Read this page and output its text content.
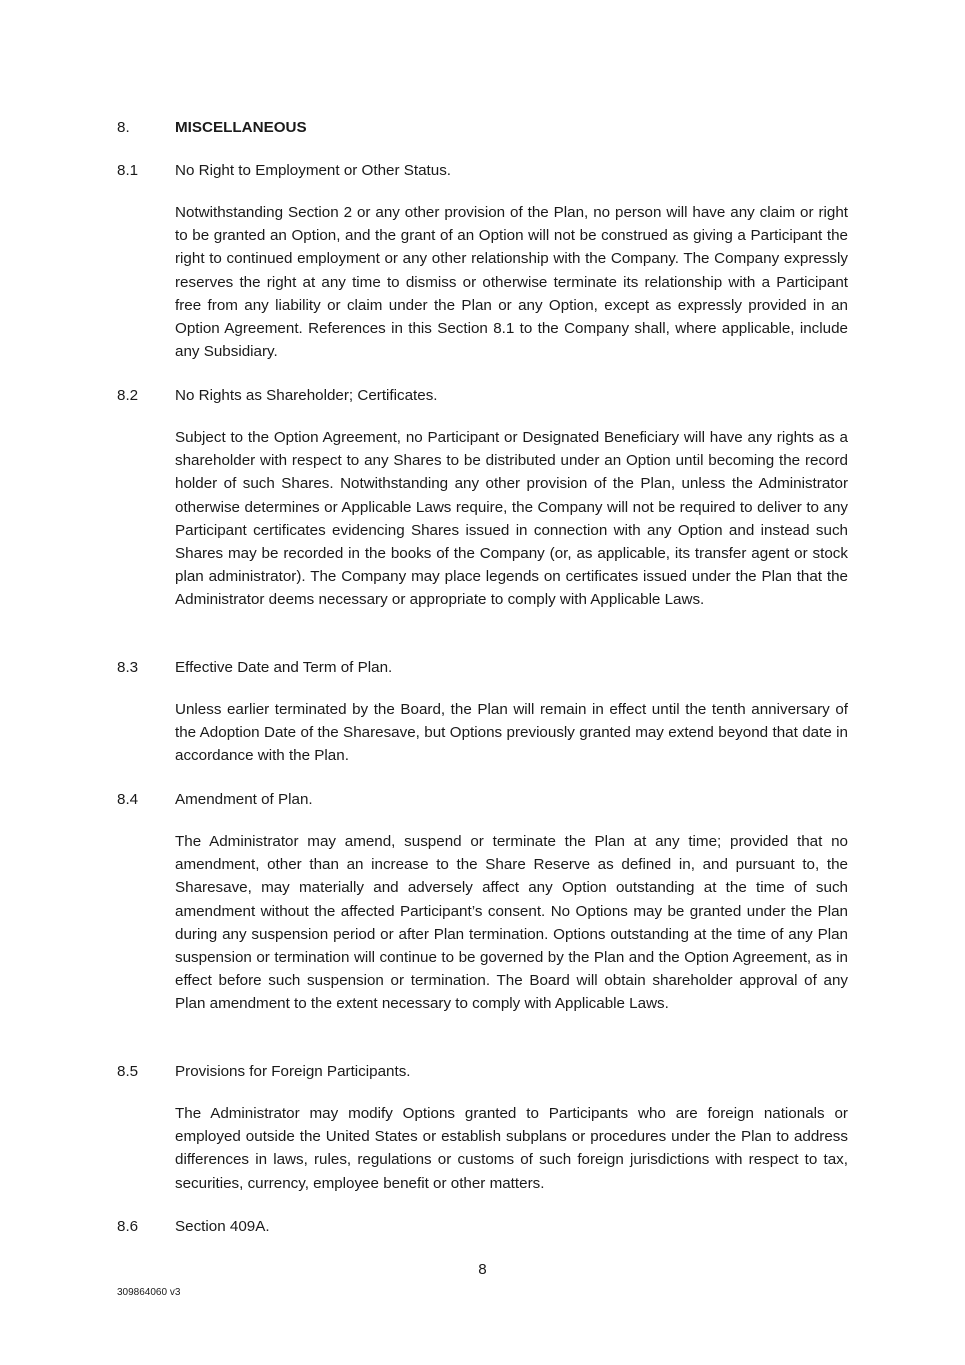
8.	MISCELLANEOUS
8.1 No Right to Employment or Other Status.

Notwithstanding Section 2 or any other provision of the Plan, no person will have any claim or right to be granted an Option, and the grant of an Option will not be construed as giving a Participant the right to continued employment or any other relationship with the Company. The Company expressly reserves the right at any time to dismiss or otherwise terminate its relationship with a Participant free from any liability or claim under the Plan or any Option, except as expressly provided in an Option Agreement. References in this Section 8.1 to the Company shall, where applicable, include any Subsidiary.

8.2 No Rights as Shareholder; Certificates.

Subject to the Option Agreement, no Participant or Designated Beneficiary will have any rights as a shareholder with respect to any Shares to be distributed under an Option until becoming the record holder of such Shares. Notwithstanding any other provision of the Plan, unless the Administrator otherwise determines or Applicable Laws require, the Company will not be required to deliver to any Participant certificates evidencing Shares issued in connection with any Option and instead such Shares may be recorded in the books of the Company (or, as applicable, its transfer agent or stock plan administrator). The Company may place legends on certificates issued under the Plan that the Administrator deems necessary or appropriate to comply with Applicable Laws.

8.3 Effective Date and Term of Plan.

Unless earlier terminated by the Board, the Plan will remain in effect until the tenth anniversary of the Adoption Date of the Sharesave, but Options previously granted may extend beyond that date in accordance with the Plan.

8.4 Amendment of Plan.

The Administrator may amend, suspend or terminate the Plan at any time; provided that no amendment, other than an increase to the Share Reserve as defined in, and pursuant to, the Sharesave, may materially and adversely affect any Option outstanding at the time of such amendment without the affected Participant’s consent. No Options may be granted under the Plan during any suspension period or after Plan termination. Options outstanding at the time of any Plan suspension or termination will continue to be governed by the Plan and the Option Agreement, as in effect before such suspension or termination. The Board will obtain shareholder approval of any Plan amendment to the extent necessary to comply with Applicable Laws.

8.5 Provisions for Foreign Participants.

The Administrator may modify Options granted to Participants who are foreign nationals or employed outside the United States or establish subplans or procedures under the Plan to address differences in laws, rules, regulations or customs of such foreign jurisdictions with respect to tax, securities, currency, employee benefit or other matters.

8.6 Section 409A.
8
309864060 v3
